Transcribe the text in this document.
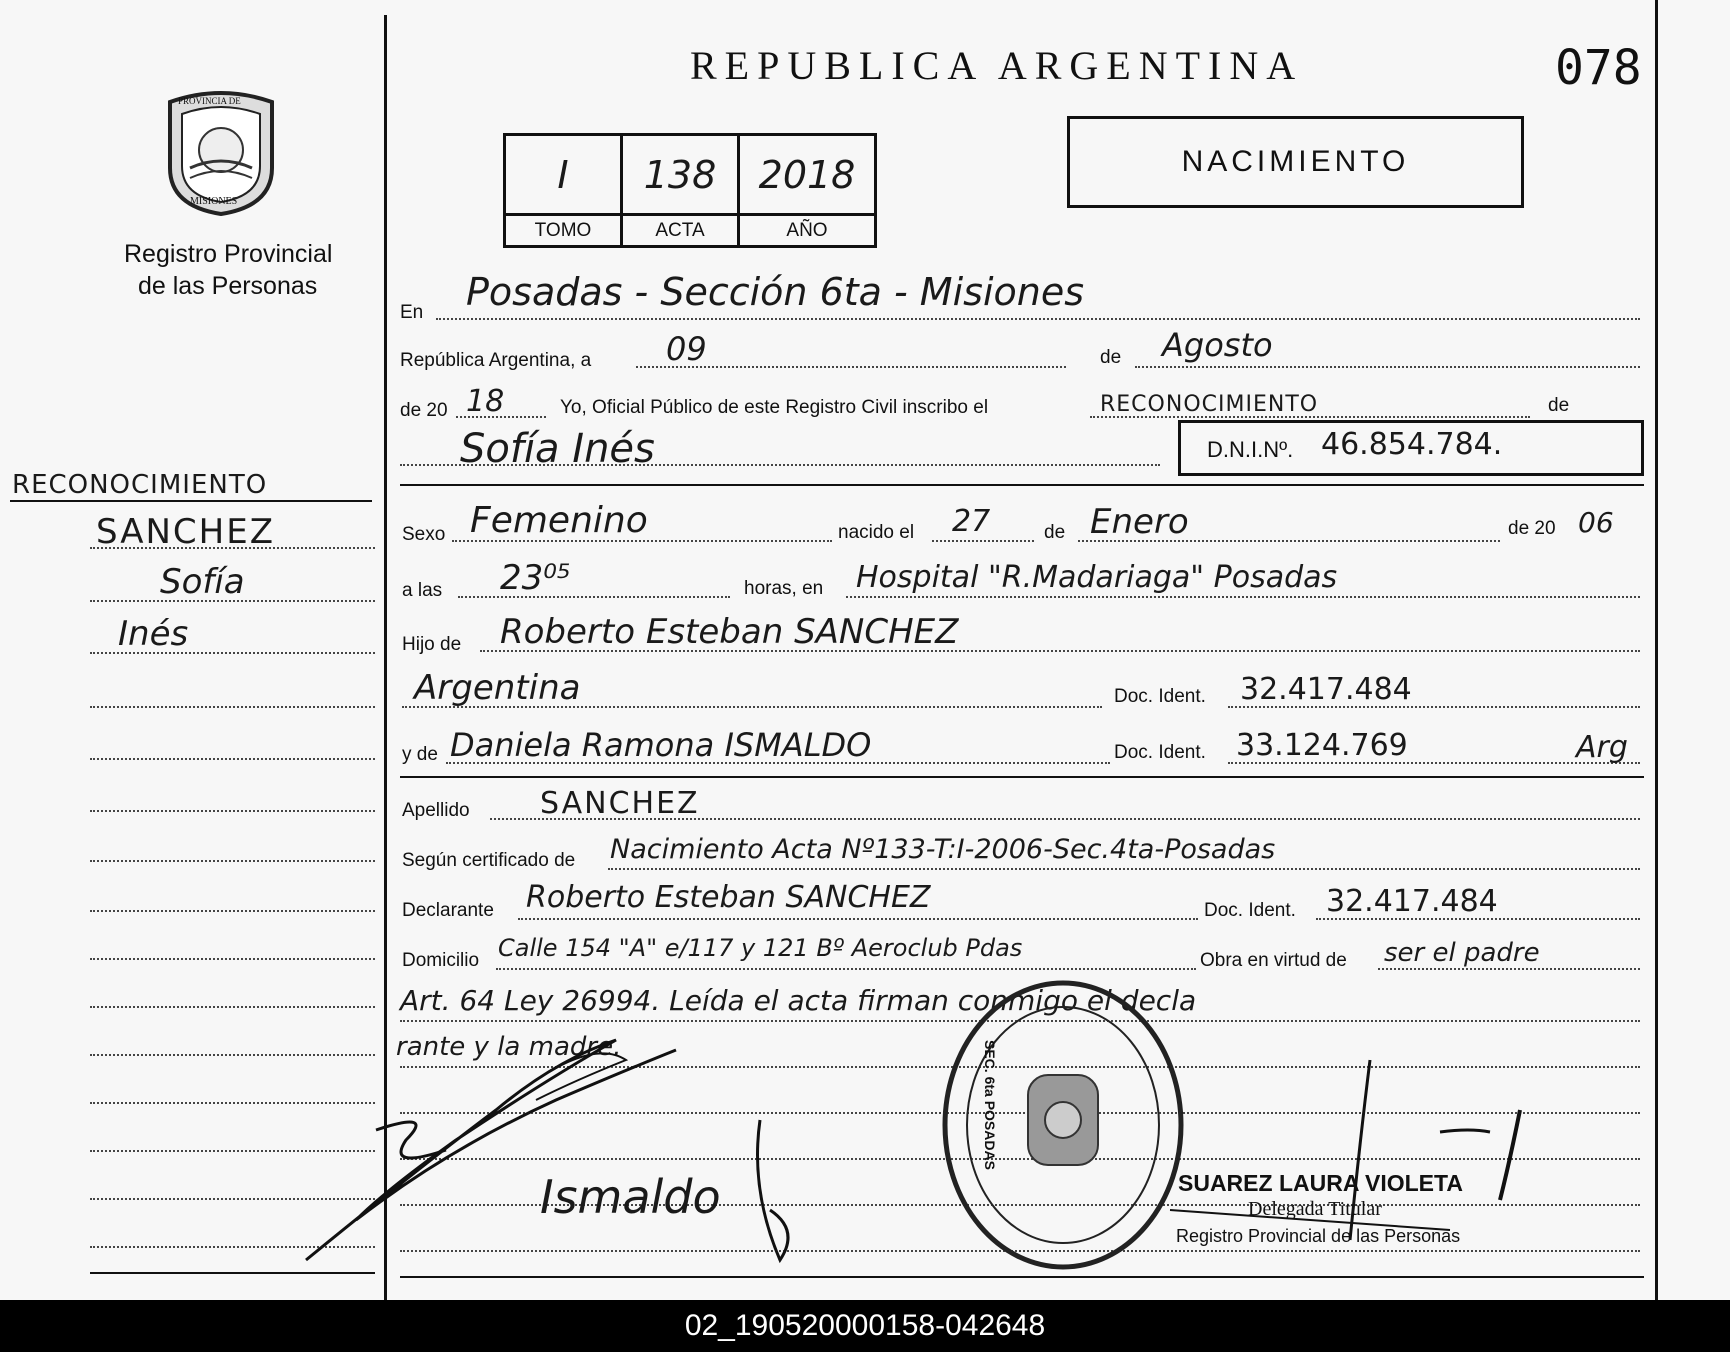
PROVINCIA DE
MISIONES
Registro Provincial
de las Personas
REPUBLICA ARGENTINA	078
I	138	2018
TOMO	ACTA	AÑO
NACIMIENTO
RECONOCIMIENTO
SANCHEZ
Sofía
Inés
En Posadas - Sección 6ta - Misiones
República Argentina, a 09	de Agosto
de 20 18	Yo, Oficial Público de este Registro Civil inscribo el	RECONOCIMIENTO	de
Sofía Inés	D.N.I.Nº. 46.854.784.
Sexo Femenino	nacido el 27	de Enero	de 20 06
a las 23⁰⁵	horas, en Hospital "R.Madariaga" Posadas
Hijo de Roberto Esteban SANCHEZ
Argentina	Doc. Ident. 32.417.484
y de Daniela Ramona ISMALDO	Doc. Ident. 33.124.769	Arg
Apellido SANCHEZ
Según certificado de Nacimiento Acta Nº133-T:I-2006-Sec.4ta-Posadas
Declarante Roberto Esteban SANCHEZ	Doc. Ident. 32.417.484
Domicilio Calle 154 "A" e/117 y 121 Bº Aeroclub Pdas	Obra en virtud de ser el padre
Art. 64 Ley 26994. Leída el acta firman conmigo el decla
rante y la madre.
Ismaldo
SEC. 6ta POSADAS
SUAREZ LAURA VIOLETA
Delegada Titular
Registro Provincial de las Personas
02_190520000158-042648
